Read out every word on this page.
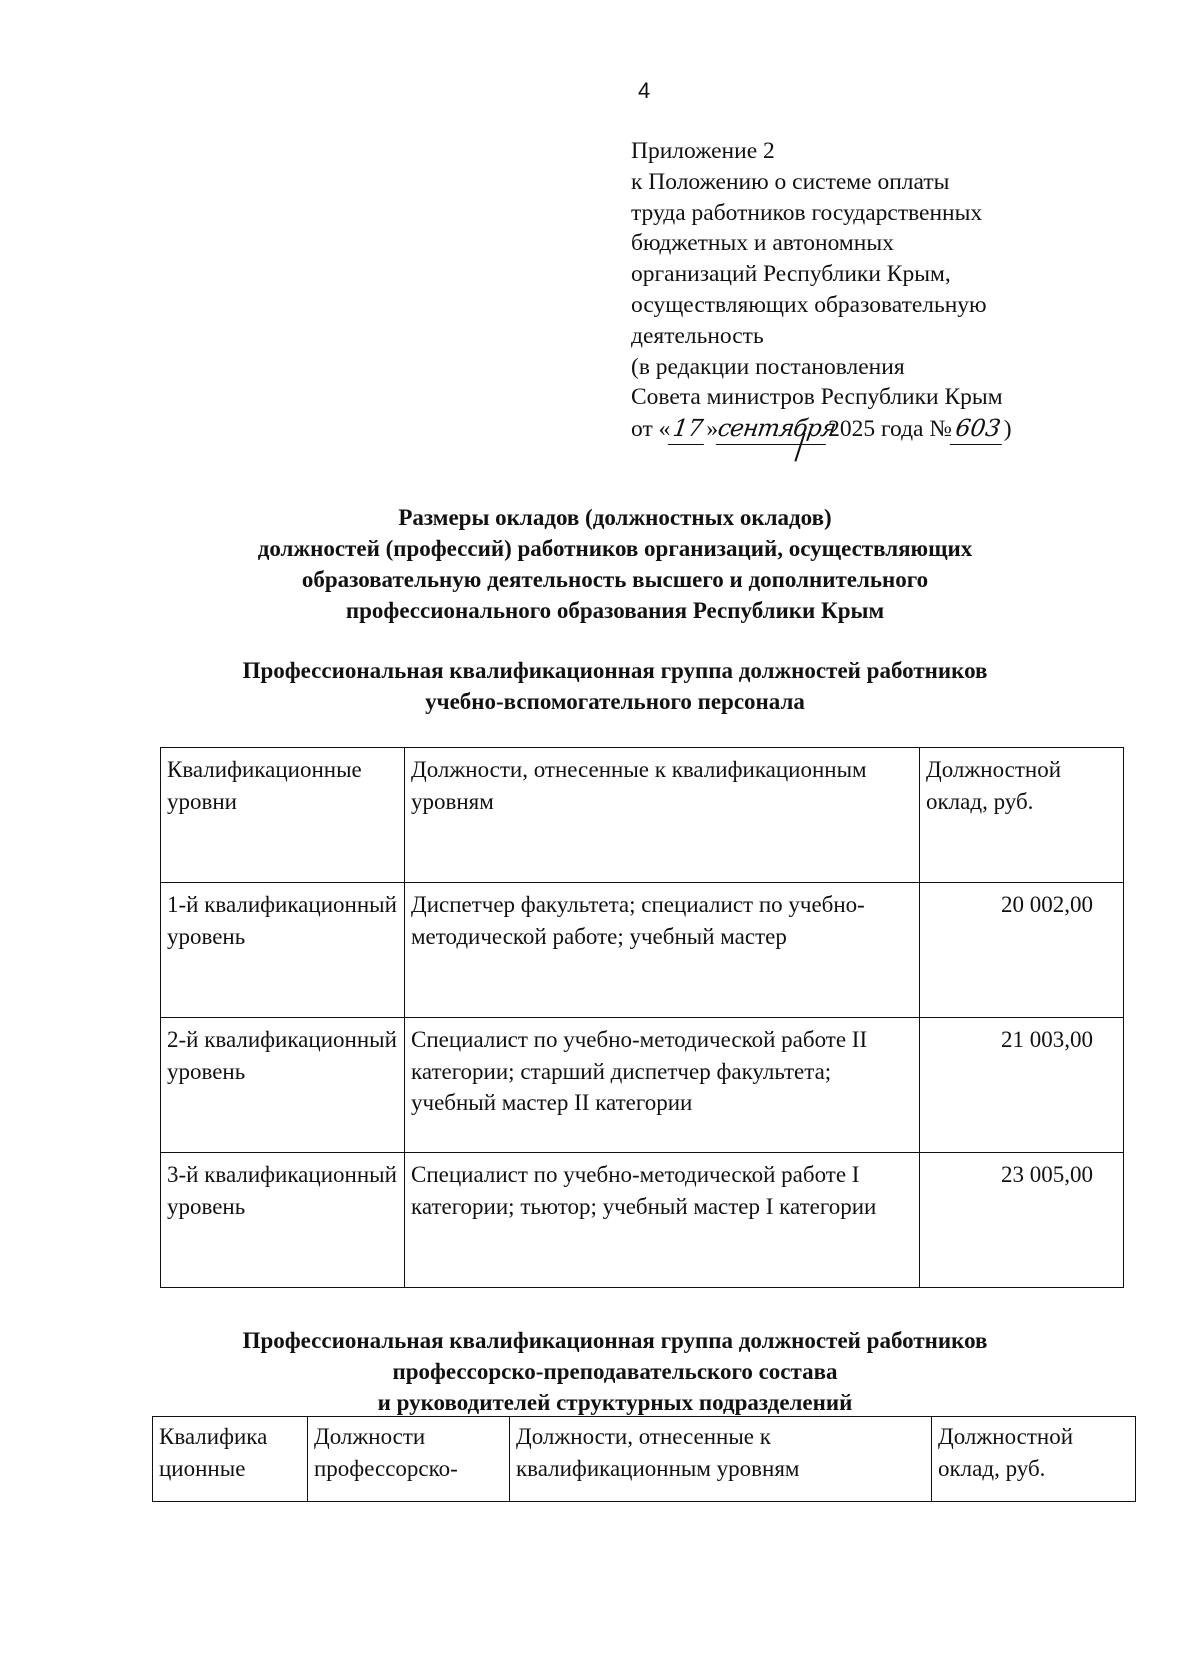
4
Приложение 2
к Положению о системе оплаты
труда работников государственных
бюджетных и автономных
организаций Республики Крым,
осуществляющих образовательную
деятельность
(в редакции постановления
Совета министров Республики Крым
от «17»сентября2025 года №603)
Размеры окладов (должностных окладов)
должностей (профессий) работников организаций, осуществляющих
образовательную деятельность высшего и дополнительного
профессионального образования Республики Крым
Профессиональная квалификационная группа должностей работников
учебно-вспомогательного персонала
Квалификационные уровни	Должности, отнесенные к квалификационным уровням	Должностной оклад, руб.
1-й квалификационный уровень	Диспетчер факультета; специалист по учебно-методической работе; учебный мастер	20 002,00
2-й квалификационный уровень	Специалист по учебно-методической работе II категории; старший диспетчер факультета; учебный мастер II категории	21 003,00
3-й квалификационный уровень	Специалист по учебно-методической работе I категории; тьютор; учебный мастер I категории	23 005,00
Профессиональная квалификационная группа должностей работников
профессорско-преподавательского состава
и руководителей структурных подразделений
Квалифика ционные	Должности профессорско-	Должности, отнесенные к квалификационным уровням	Должностной оклад, руб.
